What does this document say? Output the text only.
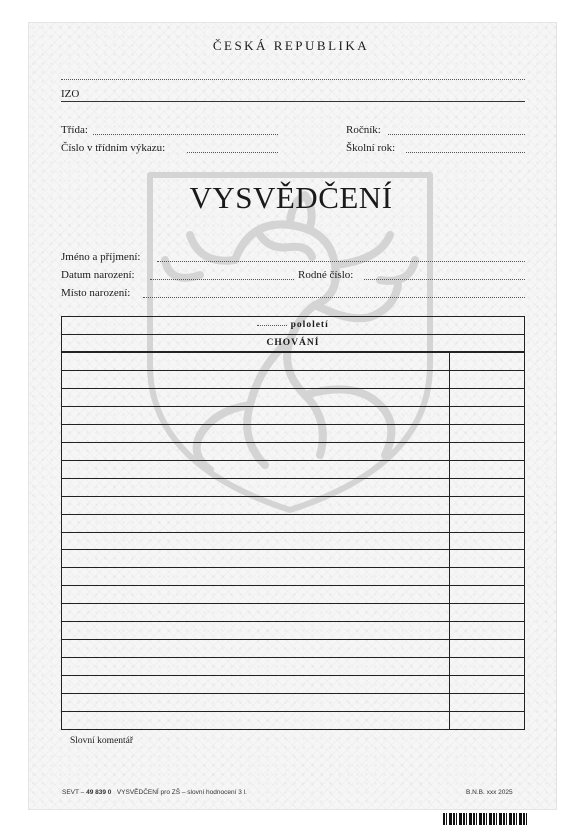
ČESKÁ REPUBLIKA
IZO
Třída:	Ročník:
Číslo v třídním výkazu:	Školní rok:
VYSVĚDČENÍ
Jméno a příjmení:
Datum narození:	Rodné číslo:
Místo narození:
pololetí
CHOVÁNÍ
Slovní komentář
SEVT – 49 839 0 VYSVĚDČENÍ pro ZŠ – slovní hodnocení 3 l.	B.N.B. xxx 2025
